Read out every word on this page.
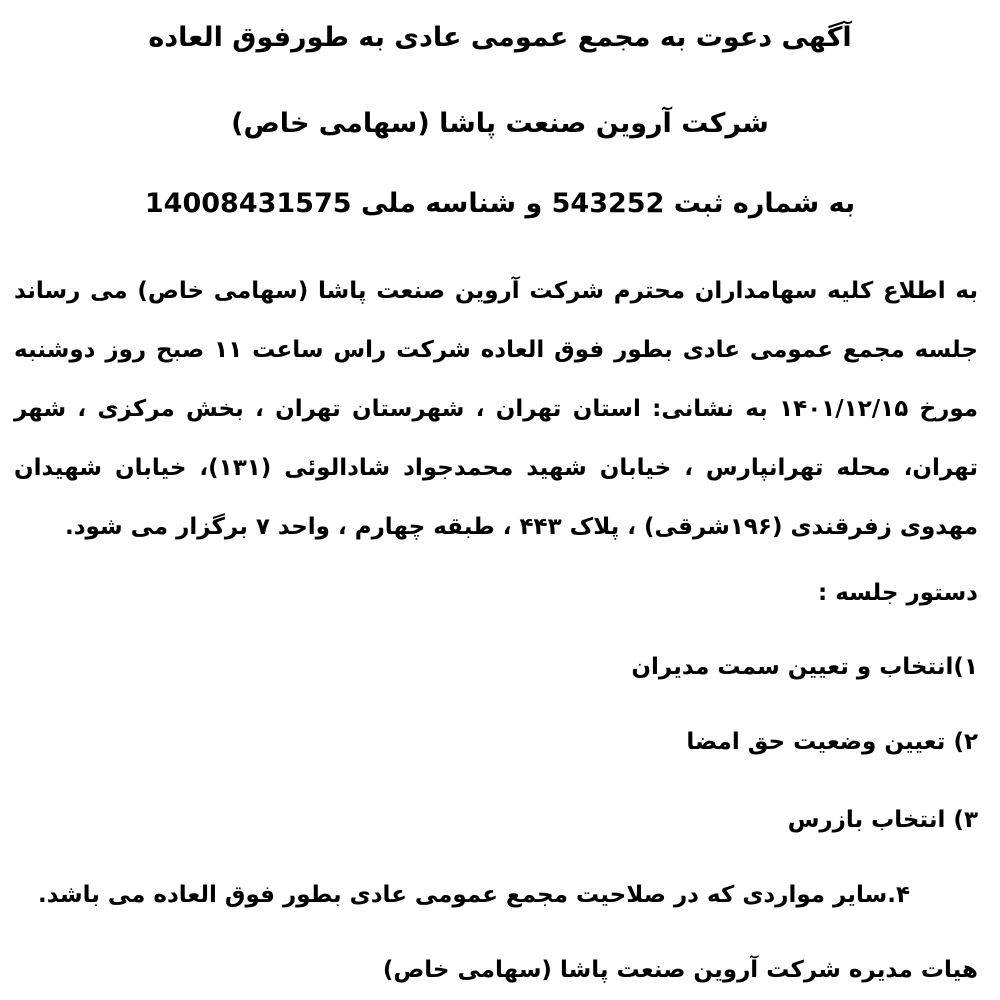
آگهی دعوت به مجمع عمومی عادی به طورفوق العاده
شرکت آروین صنعت پاشا (سهامی خاص)
به شماره ثبت 543252 و شناسه ملی 14008431575
به اطلاع کلیه سهامداران محترم شرکت آروین صنعت پاشا (سهامی خاص) می رساند
جلسه مجمع عمومی عادی بطور فوق العاده شرکت راس ساعت ۱۱ صبح روز دوشنبه
مورخ ۱۴۰۱/۱۲/۱۵ به نشانی: استان تهران ، شهرستان تهران ، بخش مرکزی ، شهر
تهران، محله تهرانپارس ، خیابان شهید محمدجواد شادالوئی (۱۳۱)، خیابان شهیدان
مهدوی زفرقندی (۱۹۶شرقی) ، پلاک ۴۴۳ ، طبقه چهارم ، واحد ۷ برگزار می شود.
دستور جلسه :
۱)انتخاب و تعیین سمت مدیران
۲) تعیین وضعیت حق امضا
۳) انتخاب بازرس
۴.سایر مواردی که در صلاحیت مجمع عمومی عادی بطور فوق العاده می باشد.
هیات مدیره شرکت آروین صنعت پاشا (سهامی خاص)
